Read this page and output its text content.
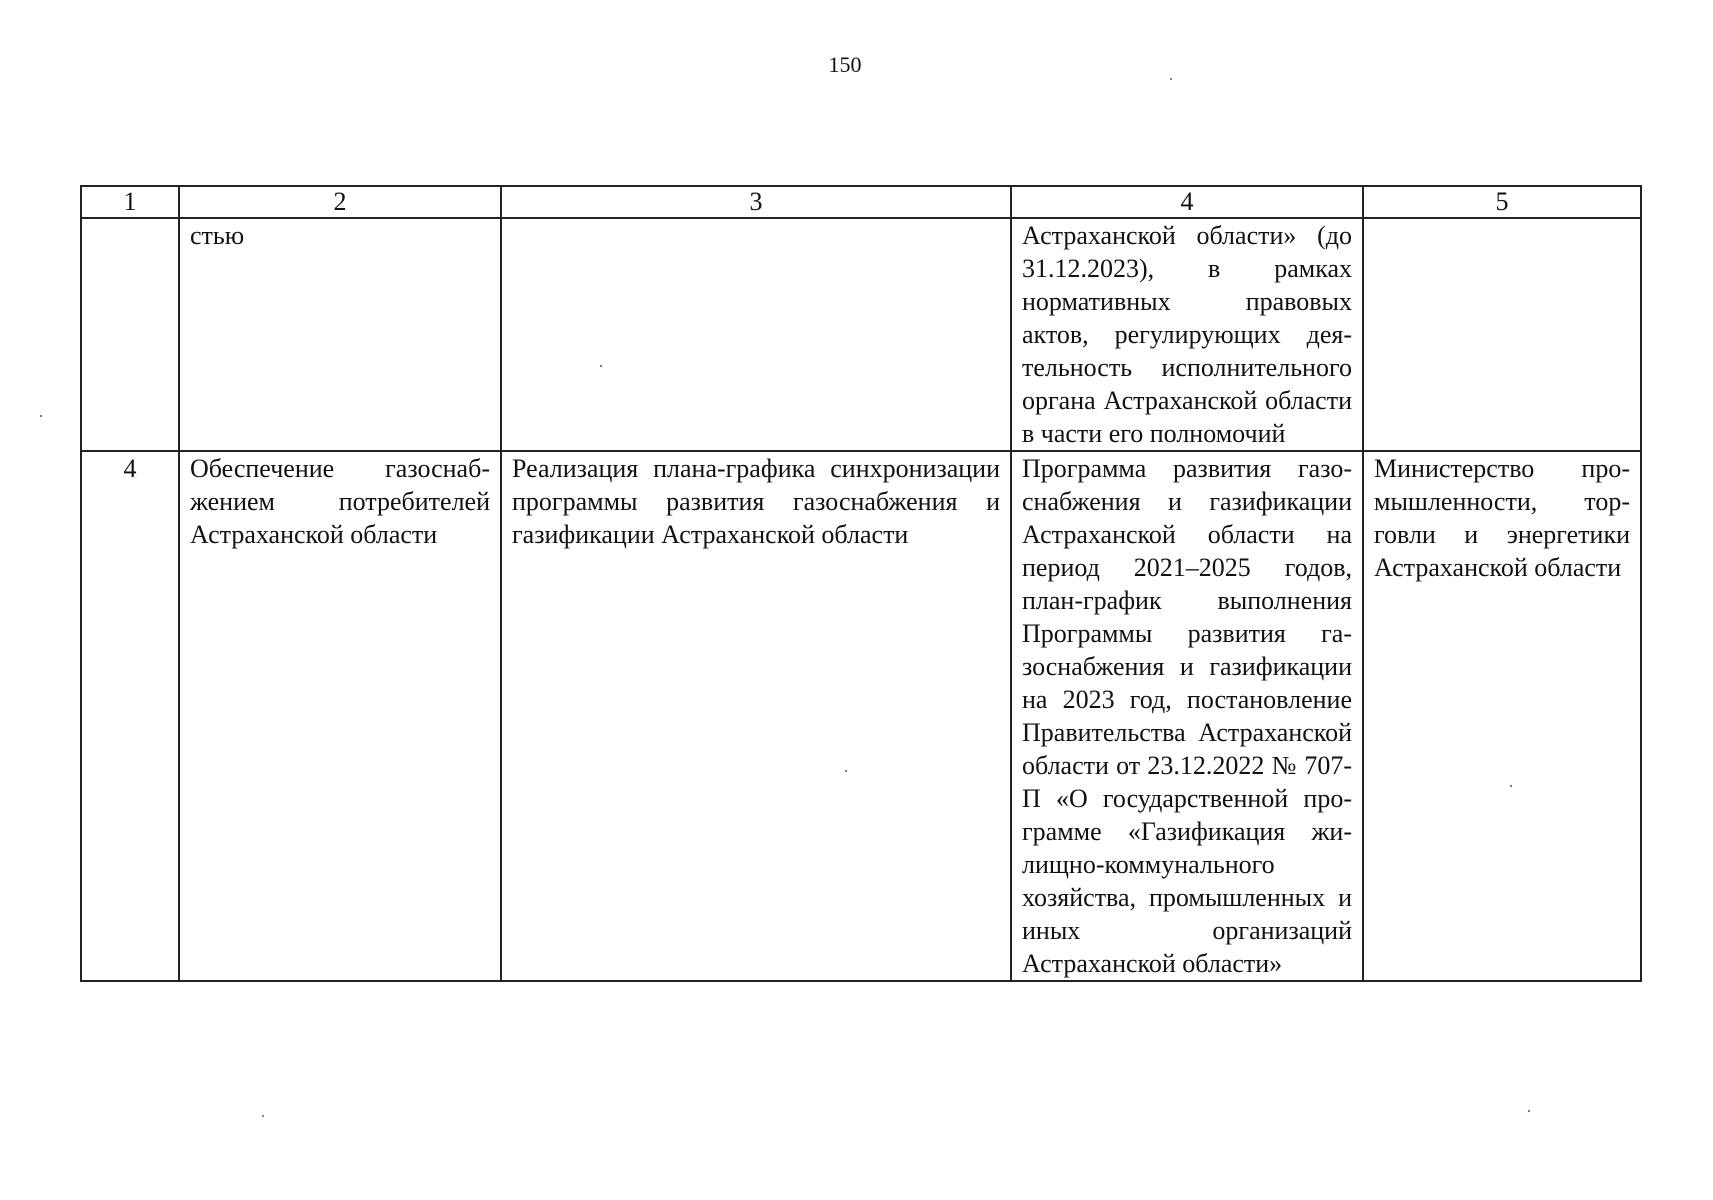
150
1	2	3	4	5
	стью		Астраханской области» (до 31.12.2023), в рамках нормативных правовых актов, регулирующих деятельность исполнительного органа Астраханской области в части его полномочий	
4	Обеспечение газоснабжением потребителей Астраханской области	Реализация плана-графика синхронизации программы развития газоснабжения и газификации Астраханской области	Программа развития газоснабжения и газификации Астраханской области на период 2021–2025 годов, план-график выполнения Программы развития газоснабжения и газификации на 2023 год, постановление Правительства Астраханской области от 23.12.2022 № 707-П «О государственной программе «Газификация жилищно-коммунального хозяйства, промышленных и иных организаций Астраханской области»	Министерство промышленности, торговли и энергетики Астраханской области
